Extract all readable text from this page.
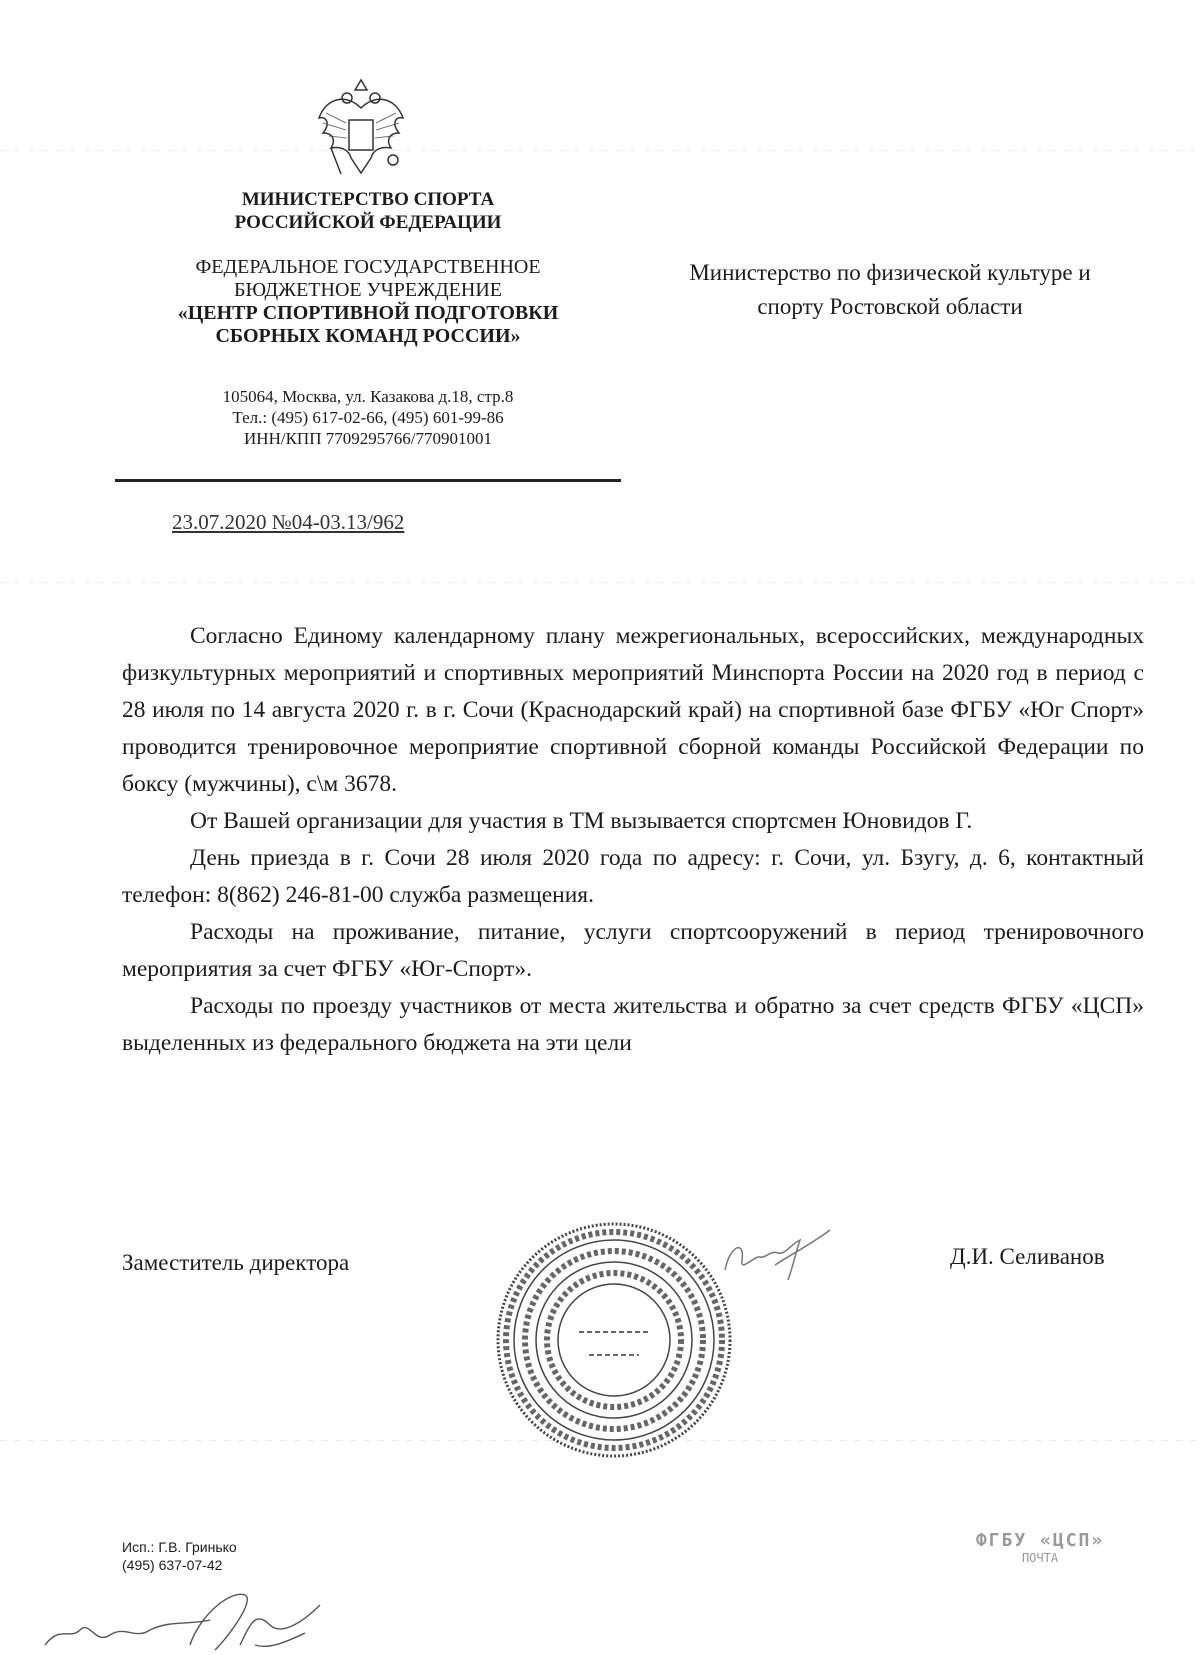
МИНИСТЕРСТВО СПОРТА
РОССИЙСКОЙ ФЕДЕРАЦИИ
ФЕДЕРАЛЬНОЕ ГОСУДАРСТВЕННОЕ
БЮДЖЕТНОЕ УЧРЕЖДЕНИЕ
«ЦЕНТР СПОРТИВНОЙ ПОДГОТОВКИ
СБОРНЫХ КОМАНД РОССИИ»
105064, Москва, ул. Казакова д.18, стр.8
Тел.: (495) 617-02-66, (495) 601-99-86
ИНН/КПП 7709295766/770901001
23.07.2020 №04-03.13/962
Министерство по физической культуре и
спорту Ростовской области

Согласно Единому календарному плану межрегиональных, всероссийских, международных физкультурных мероприятий и спортивных мероприятий Минспорта России на 2020 год в период с 28 июля по 14 августа 2020 г. в г. Сочи (Краснодарский край) на спортивной базе ФГБУ «Юг Спорт» проводится тренировочное мероприятие спортивной сборной команды Российской Федерации по боксу (мужчины), с\м 3678.

От Вашей организации для участия в ТМ вызывается спортсмен Юновидов Г.

День приезда в г. Сочи 28 июля 2020 года по адресу: г. Сочи, ул. Бзугу, д. 6, контактный телефон: 8(862) 246-81-00 служба размещения.

Расходы на проживание, питание, услуги спортсооружений в период тренировочного мероприятия за счет ФГБУ «Юг-Спорт».

Расходы по проезду участников от места жительства и обратно за счет средств ФГБУ «ЦСП» выделенных из федерального бюджета на эти цели

Заместитель директора	Д.И. Селиванов
Исп.: Г.В. Гринько
(495) 637-07-42
ФГБУ «ЦСП»
ПОЧТА
